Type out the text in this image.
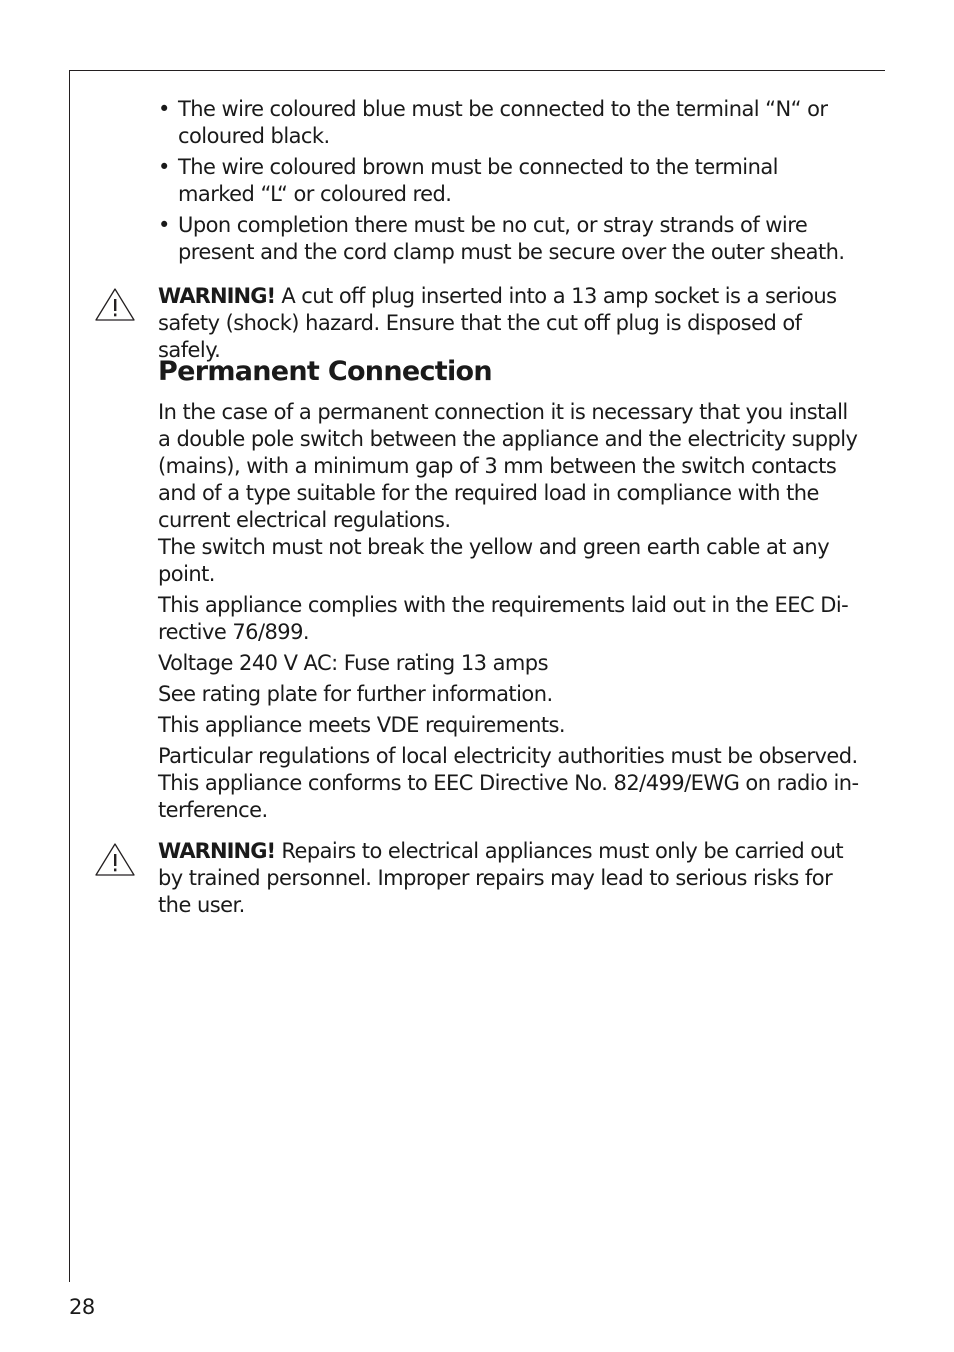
• The wire coloured blue must be connected to the terminal “N“ or coloured black.
• The wire coloured brown must be connected to the terminal marked “L“ or coloured red.
• Upon completion there must be no cut, or stray strands of wire present and the cord clamp must be secure over the outer sheath.
WARNING! A cut off plug inserted into a 13 amp socket is a serious safety (shock) hazard. Ensure that the cut off plug is disposed of safely.
Permanent Connection

In the case of a permanent connection it is necessary that you install a double pole switch between the appliance and the electricity supply (mains), with a minimum gap of 3 mm between the switch contacts and of a type suitable for the required load in compliance with the current electrical regulations.

The switch must not break the yellow and green earth cable at any point.

This appliance complies with the requirements laid out in the EEC Directive 76/899.

Voltage 240 V AC: Fuse rating 13 amps

See rating plate for further information.

This appliance meets VDE requirements.

Particular regulations of local electricity authorities must be observed.

This appliance conforms to EEC Directive No. 82/499/EWG on radio interference.

WARNING! Repairs to electrical appliances must only be carried out by trained personnel. Improper repairs may lead to serious risks for the user.
28
